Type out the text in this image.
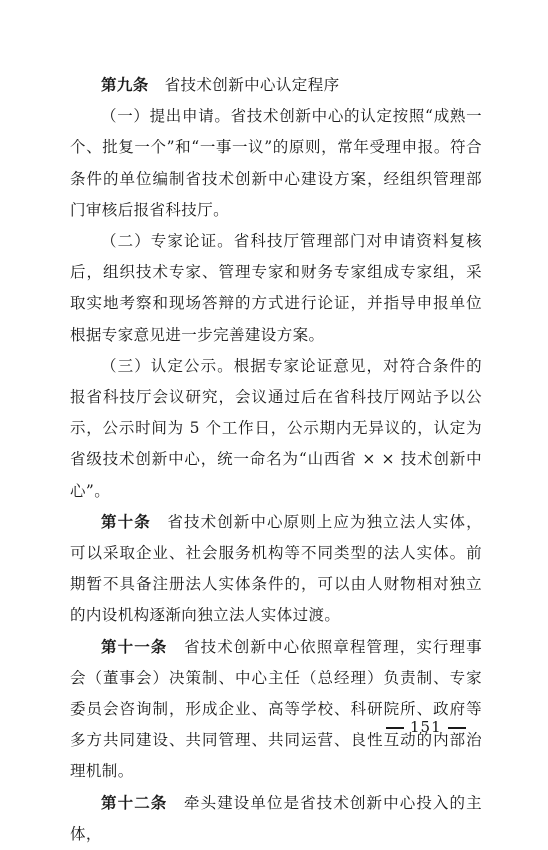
第九条　 省技术创新中心认定程序

（一）提出申请。省技术创新中心的认定按照“成熟一个、批复一个”和“一事一议”的原则，常年受理申报。符合条件的单位编制省技术创新中心建设方案，经组织管理部门审核后报省科技厅。

（二）专家论证。省科技厅管理部门对申请资料复核后，组织技术专家、管理专家和财务专家组成专家组，采取实地考察和现场答辩的方式进行论证，并指导申报单位根据专家意见进一步完善建设方案。

（三）认定公示。根据专家论证意见，对符合条件的报省科技厅会议研究，会议通过后在省科技厅网站予以公示，公示时间为 5 个工作日，公示期内无异议的，认定为省级技术创新中心，统一命名为“山西省 × × 技术创新中心”。

第十条　 省技术创新中心原则上应为独立法人实体，可以采取企业、社会服务机构等不同类型的法人实体。前期暂不具备注册法人实体条件的，可以由人财物相对独立的内设机构逐渐向独立法人实体过渡。

第十一条　 省技术创新中心依照章程管理，实行理事会（董事会）决策制、中心主任（总经理）负责制、专家委员会咨询制，形成企业、高等学校、科研院所、政府等多方共同建设、共同管理、共同运营、良性互动的内部治理机制。

第十二条　 牵头建设单位是省技术创新中心投入的主体，

151
